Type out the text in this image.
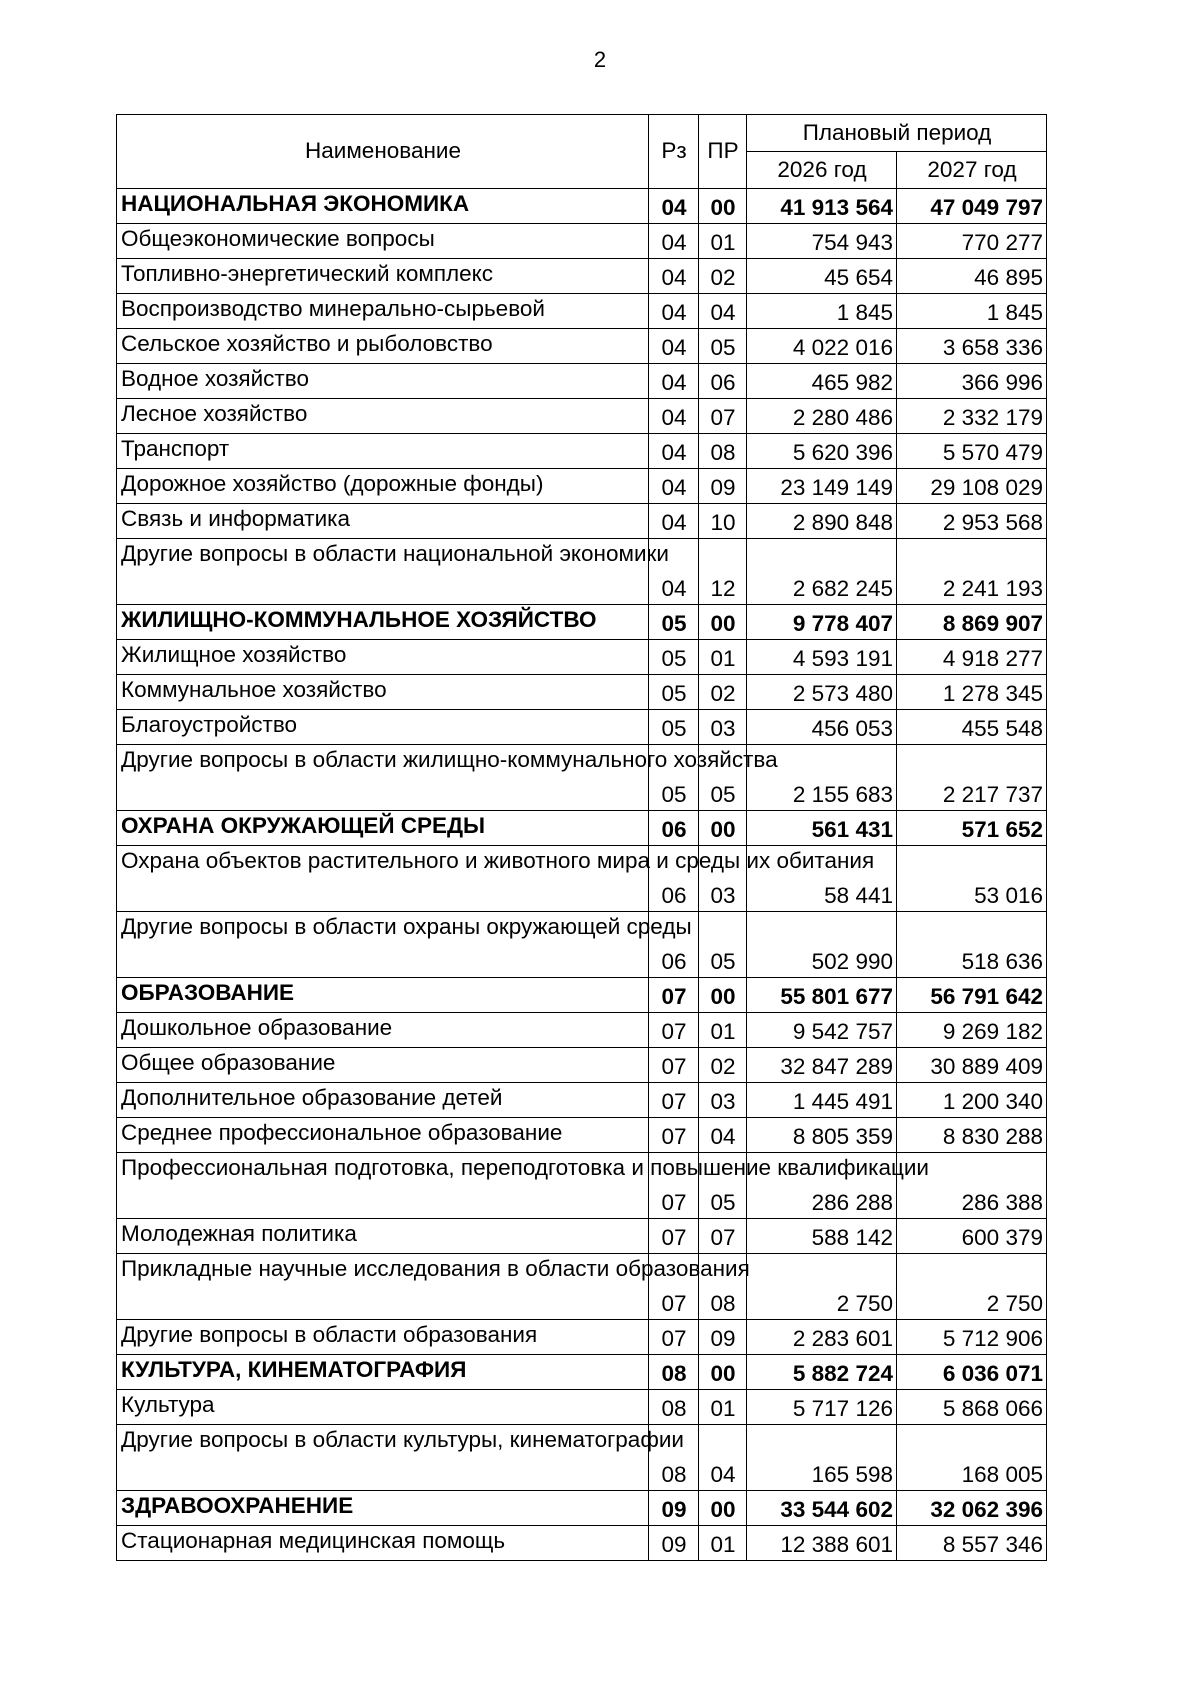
2
Наименование	Рз	ПР	Плановый период	
			2026 год	2027 год
НАЦИОНАЛЬНАЯ ЭКОНОМИКА	04	00	41 913 564	47 049 797
Общеэкономические вопросы	04	01	754 943	770 277
Топливно-энергетический комплекс	04	02	45 654	46 895
Воспроизводство минерально-сырьевой	04	04	1 845	1 845
Сельское хозяйство и рыболовство	04	05	4 022 016	3 658 336
Водное хозяйство	04	06	465 982	366 996
Лесное хозяйство	04	07	2 280 486	2 332 179
Транспорт	04	08	5 620 396	5 570 479
Дорожное хозяйство (дорожные фонды)	04	09	23 149 149	29 108 029
Связь и информатика	04	10	2 890 848	2 953 568
Другие вопросы в области национальной экономики	04	12	2 682 245	2 241 193
ЖИЛИЩНО-КОММУНАЛЬНОЕ ХОЗЯЙСТВО	05	00	9 778 407	8 869 907
Жилищное хозяйство	05	01	4 593 191	4 918 277
Коммунальное хозяйство	05	02	2 573 480	1 278 345
Благоустройство	05	03	456 053	455 548
Другие вопросы в области жилищно-коммунального хозяйства	05	05	2 155 683	2 217 737
ОХРАНА ОКРУЖАЮЩЕЙ СРЕДЫ	06	00	561 431	571 652
Охрана объектов растительного и животного мира и среды их обитания	06	03	58 441	53 016
Другие вопросы в области охраны окружающей среды	06	05	502 990	518 636
ОБРАЗОВАНИЕ	07	00	55 801 677	56 791 642
Дошкольное образование	07	01	9 542 757	9 269 182
Общее образование	07	02	32 847 289	30 889 409
Дополнительное образование детей	07	03	1 445 491	1 200 340
Среднее профессиональное образование	07	04	8 805 359	8 830 288
Профессиональная подготовка, переподготовка и повышение квалификации	07	05	286 288	286 388
Молодежная политика	07	07	588 142	600 379
Прикладные научные исследования в области образования	07	08	2 750	2 750
Другие вопросы в области образования	07	09	2 283 601	5 712 906
КУЛЬТУРА, КИНЕМАТОГРАФИЯ	08	00	5 882 724	6 036 071
Культура	08	01	5 717 126	5 868 066
Другие вопросы в области культуры, кинематографии	08	04	165 598	168 005
ЗДРАВООХРАНЕНИЕ	09	00	33 544 602	32 062 396
Стационарная медицинская помощь	09	01	12 388 601	8 557 346
